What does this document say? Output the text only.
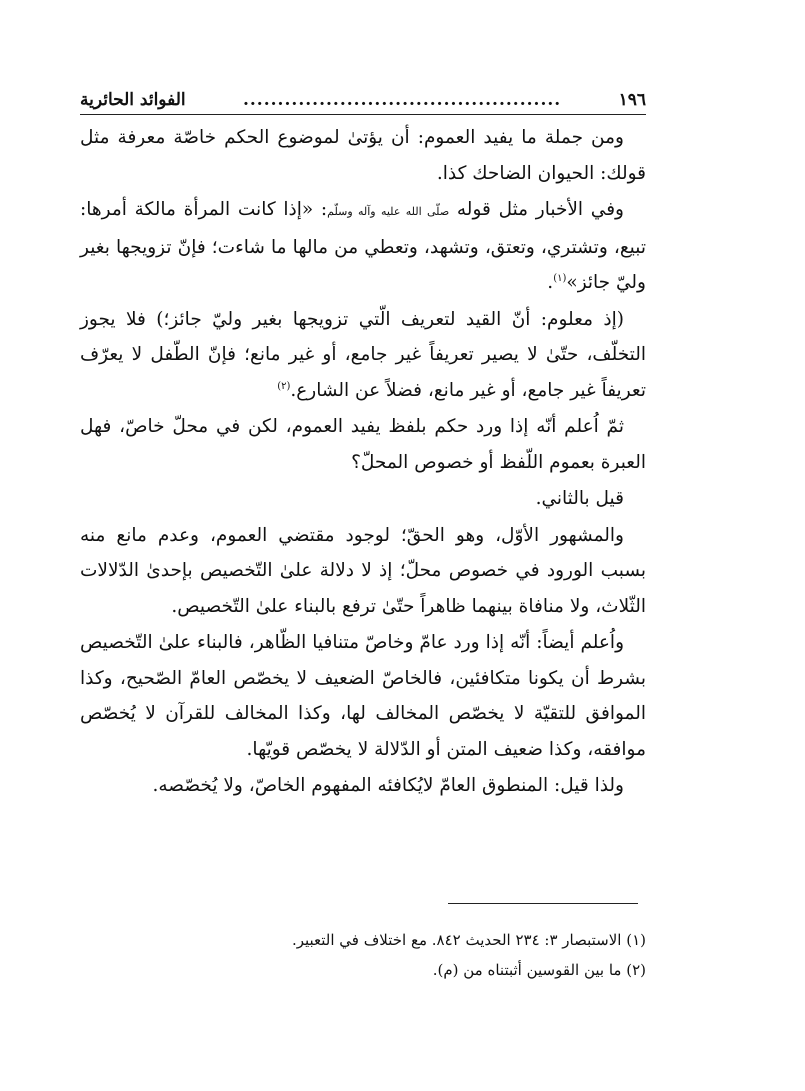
١٩٦
..............................................
الفوائد الحائرية

ومن جملة ما يفيد العموم: أن يؤتىٰ لموضوع الحكم خاصّة معرفة مثل قولك: الحيوان الضاحك كذا.

وفي الأخبار مثل قوله صلّى الله عليه وآله وسلّم: «إذا كانت المرأة مالكة أمرها: تبيع، وتشتري، وتعتق، وتشهد، وتعطي من مالها ما شاءت؛ فإنّ تزويجها بغير وليّ جائز»$^{(١)}$.

(إذ معلوم: أنّ القيد لتعريف الّتي تزويجها بغير وليّ جائز؛) فلا يجوز التخلّف، حتّىٰ لا يصير تعريفاً غير جامع، أو غير مانع؛ فإنّ الطّفل لا يعرّف تعريفاً غير جامع، أو غير مانع، فضلاً عن الشارع.$^{(٢)}$

ثمّ اُعلم أنّه إذا ورد حكم بلفظ يفيد العموم، لكن في محلّ خاصّ، فهل العبرة بعموم اللّفظ أو خصوص المحلّ؟

قيل بالثاني.

والمشهور الأوّل، وهو الحقّ؛ لوجود مقتضي العموم، وعدم مانع منه بسبب الورود في خصوص محلّ؛ إذ لا دلالة علىٰ التّخصيص بإحدىٰ الدّلالات الثّلاث، ولا منافاة بينهما ظاهراً حتّىٰ ترفع بالبناء علىٰ التّخصيص.

واُعلم أيضاً: أنّه إذا ورد عامّ وخاصّ متنافيا الظّاهر، فالبناء علىٰ التّخصيص بشرط أن يكونا متكافئين، فالخاصّ الضعيف لا يخصّص العامّ الصّحيح، وكذا الموافق للتقيّة لا يخصّص المخالف لها، وكذا المخالف للقرآن لا يُخصّص موافقه، وكذا ضعيف المتن أو الدّلالة لا يخصّص قويّها.

ولذا قيل: المنطوق العامّ لايُكافئه المفهوم الخاصّ، ولا يُخصّصه.

(١) الاستبصار ٣: ٢٣٤ الحديث ٨٤٢. مع اختلاف في التعبير.
(٢) ما بين القوسين أثبتناه من (م).
